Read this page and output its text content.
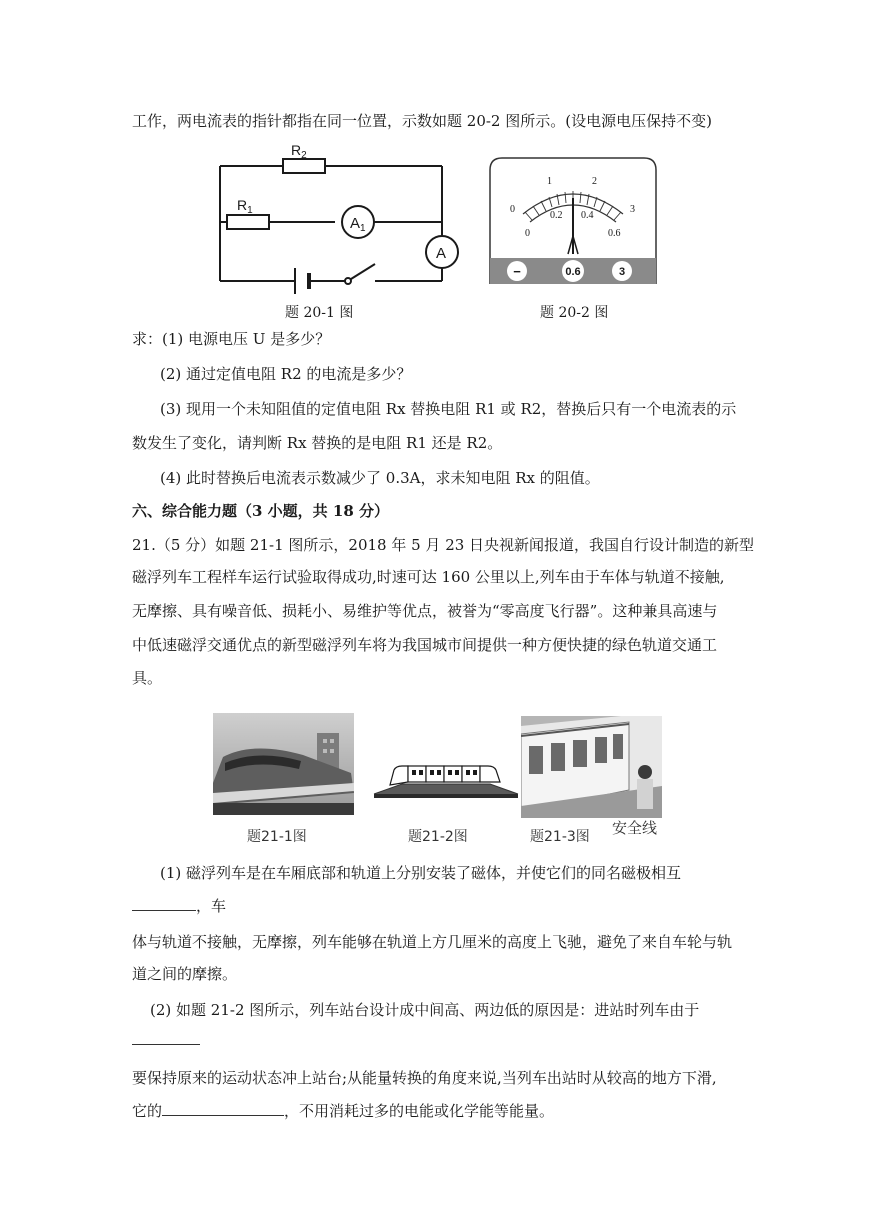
工作，两电流表的指针都指在同一位置，示数如题 20-2 图所示。(设电源电压保持不变)
$R_2$
$R_1$
$A_1$
A
题 20-1 图
0
1	2
3
0
0.2 0.4
0.6
−	0.6	3
题 20-2 图
求：(1) 电源电压 U 是多少？
(2) 通过定值电阻 R2 的电流是多少？
(3) 现用一个未知阻值的定值电阻 Rx 替换电阻 R1 或 R2，替换后只有一个电流表的示
数发生了变化，请判断 Rx 替换的是电阻 R1 还是 R2。
(4) 此时替换后电流表示数减少了 0.3A，求未知电阻 Rx 的阻值。
六、综合能力题（3 小题，共 18 分）
21.（5 分）如题 21-1 图所示，2018 年 5 月 23 日央视新闻报道，我国自行设计制造的新型
磁浮列车工程样车运行试验取得成功,时速可达 160 公里以上,列车由于车体与轨道不接触,
无摩擦、具有噪音低、损耗小、易维护等优点，被誉为“零高度飞行器”。这种兼具高速与
中低速磁浮交通优点的新型磁浮列车将为我国城市间提供一种方便快捷的绿色轨道交通工
具。
题21-1图	题21-2图	题21-3图 安全线
(1) 磁浮列车是在车厢底部和轨道上分别安装了磁体，并使它们的同名磁极相互
，车
体与轨道不接触，无摩擦，列车能够在轨道上方几厘米的高度上飞驰，避免了来自车轮与轨
道之间的摩擦。
(2) 如题 21-2 图所示，列车站台设计成中间高、两边低的原因是：进站时列车由于
要保持原来的运动状态冲上站台;从能量转换的角度来说,当列车出站时从较高的地方下滑,
它的	，不用消耗过多的电能或化学能等能量。
